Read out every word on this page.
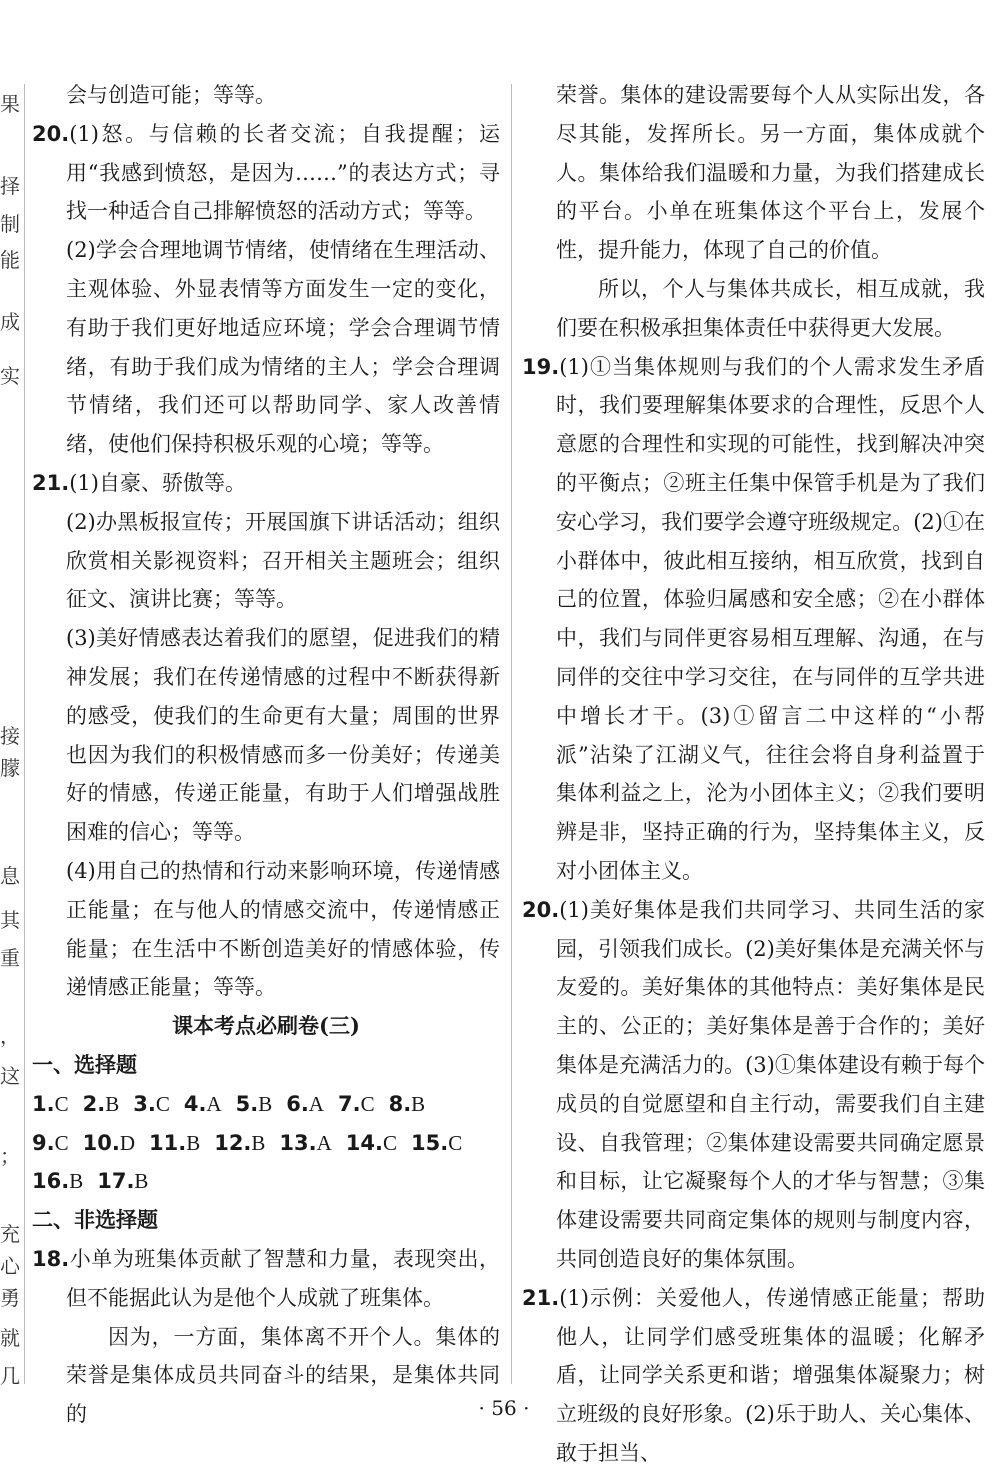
果
择
制
能
成
实
接
朦
息
其
重
，
这
；
充
心
勇
就
几

会与创造可能；等等。

20.(1)怒。与信赖的长者交流；自我提醒；运用“我感到愤怒，是因为……”的表达方式；寻找一种适合自己排解愤怒的活动方式；等等。

(2)学会合理地调节情绪，使情绪在生理活动、主观体验、外显表情等方面发生一定的变化，有助于我们更好地适应环境；学会合理调节情绪，有助于我们成为情绪的主人；学会合理调节情绪，我们还可以帮助同学、家人改善情绪，使他们保持积极乐观的心境；等等。

21.(1)自豪、骄傲等。

(2)办黑板报宣传；开展国旗下讲话活动；组织欣赏相关影视资料；召开相关主题班会；组织征文、演讲比赛；等等。

(3)美好情感表达着我们的愿望，促进我们的精神发展；我们在传递情感的过程中不断获得新的感受，使我们的生命更有大量；周围的世界也因为我们的积极情感而多一份美好；传递美好的情感，传递正能量，有助于人们增强战胜困难的信心；等等。

(4)用自己的热情和行动来影响环境，传递情感正能量；在与他人的情感交流中，传递情感正能量；在生活中不断创造美好的情感体验，传递情感正能量；等等。

课本考点必刷卷(三)

一、选择题

1.C 2.B 3.C 4.A 5.B 6.A 7.C 8.B

9.C 10.D 11.B 12.B 13.A 14.C 15.C

16.B 17.B

二、非选择题

18.小单为班集体贡献了智慧和力量，表现突出，但不能据此认为是他个人成就了班集体。

因为，一方面，集体离不开个人。集体的荣誉是集体成员共同奋斗的结果，是集体共同的

荣誉。集体的建设需要每个人从实际出发，各尽其能，发挥所长。另一方面，集体成就个人。集体给我们温暖和力量，为我们搭建成长的平台。小单在班集体这个平台上，发展个性，提升能力，体现了自己的价值。

所以，个人与集体共成长，相互成就，我们要在积极承担集体责任中获得更大发展。

19.(1)①当集体规则与我们的个人需求发生矛盾时，我们要理解集体要求的合理性，反思个人意愿的合理性和实现的可能性，找到解决冲突的平衡点；②班主任集中保管手机是为了我们安心学习，我们要学会遵守班级规定。(2)①在小群体中，彼此相互接纳，相互欣赏，找到自己的位置，体验归属感和安全感；②在小群体中，我们与同伴更容易相互理解、沟通，在与同伴的交往中学习交往，在与同伴的互学共进中增长才干。(3)①留言二中这样的“小帮派”沾染了江湖义气，往往会将自身利益置于集体利益之上，沦为小团体主义；②我们要明辨是非，坚持正确的行为，坚持集体主义，反对小团体主义。

20.(1)美好集体是我们共同学习、共同生活的家园，引领我们成长。(2)美好集体是充满关怀与友爱的。美好集体的其他特点：美好集体是民主的、公正的；美好集体是善于合作的；美好集体是充满活力的。(3)①集体建设有赖于每个成员的自觉愿望和自主行动，需要我们自主建设、自我管理；②集体建设需要共同确定愿景和目标，让它凝聚每个人的才华与智慧；③集体建设需要共同商定集体的规则与制度内容，共同创造良好的集体氛围。

21.(1)示例：关爱他人，传递情感正能量；帮助他人，让同学们感受班集体的温暖；化解矛盾，让同学关系更和谐；增强集体凝聚力；树立班级的良好形象。(2)乐于助人、关心集体、敢于担当、

· 56 ·
